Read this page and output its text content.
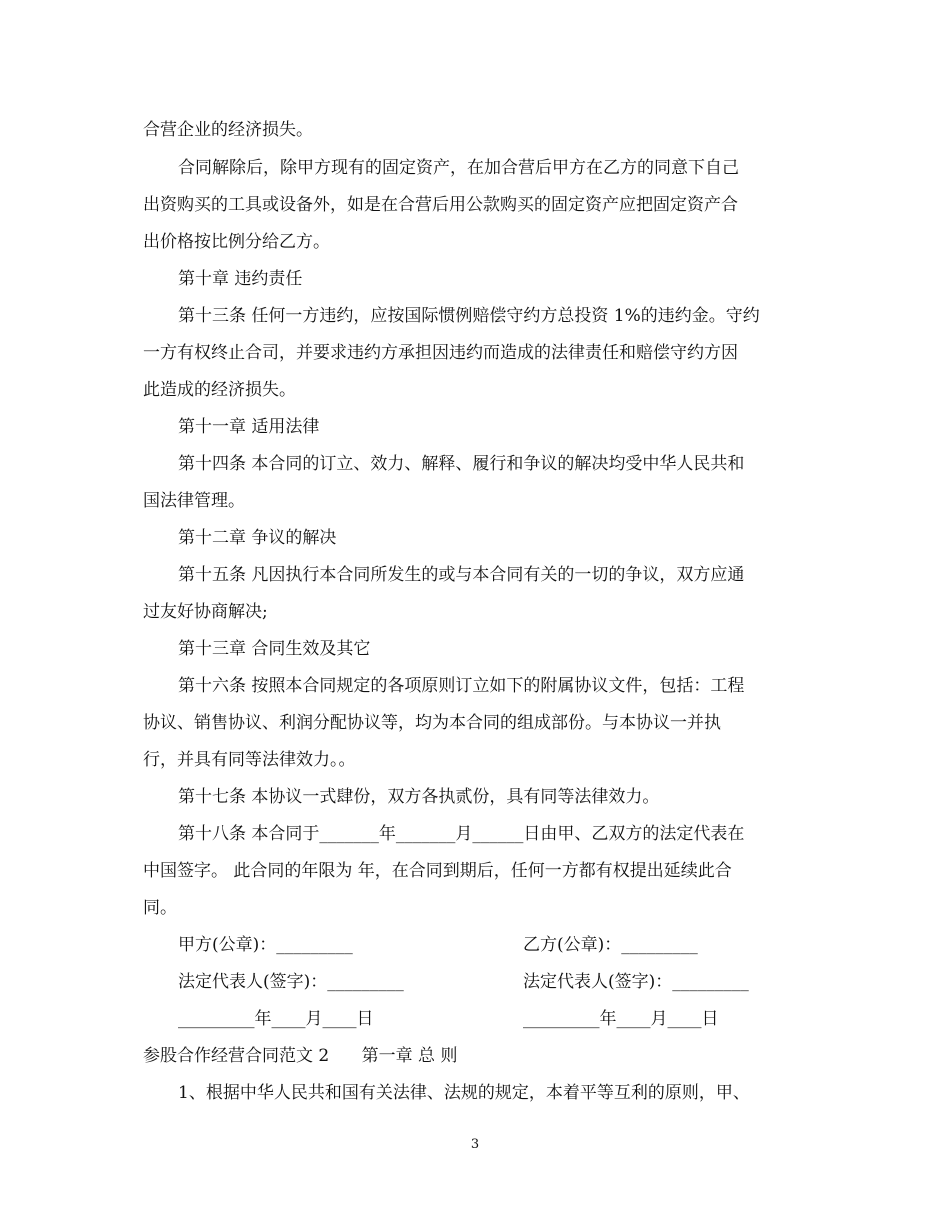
合营企业的经济损失。
合同解除后，除甲方现有的固定资产，在加合营后甲方在乙方的同意下自己
出资购买的工具或设备外，如是在合营后用公款购买的固定资产应把固定资产合
出价格按比例分给乙方。
第十章 违约责任
第十三条 任何一方违约，应按国际惯例赔偿守约方总投资 1%的违约金。守约
一方有权终止合司，并要求违约方承担因违约而造成的法律责任和赔偿守约方因
此造成的经济损失。
第十一章 适用法律
第十四条 本合同的订立、效力、解释、履行和争议的解决均受中华人民共和
国法律管理。
第十二章 争议的解决
第十五条 凡因执行本合同所发生的或与本合同有关的一切的争议，双方应通
过友好协商解决;
第十三章 合同生效及其它
第十六条 按照本合同规定的各项原则订立如下的附属协议文件，包括：工程
协议、销售协议、利润分配协议等，均为本合同的组成部份。与本协议一并执
行，并具有同等法律效力。。
第十七条 本协议一式肆份，双方各执贰份，具有同等法律效力。
第十八条 本合同于_______年_______月______日由甲、乙双方的法定代表在
中国签字。 此合同的年限为 年，在合同到期后，任何一方都有权提出延续此合
同。
甲方(公章)：_________	乙方(公章)：_________
法定代表人(签字)：_________	法定代表人(签字)：_________
_________年____月____日	_________年____月____日
参股合作经营合同范文 2      第一章 总 则
1、根据中华人民共和国有关法律、法规的规定，本着平等互利的原则，甲、
3
